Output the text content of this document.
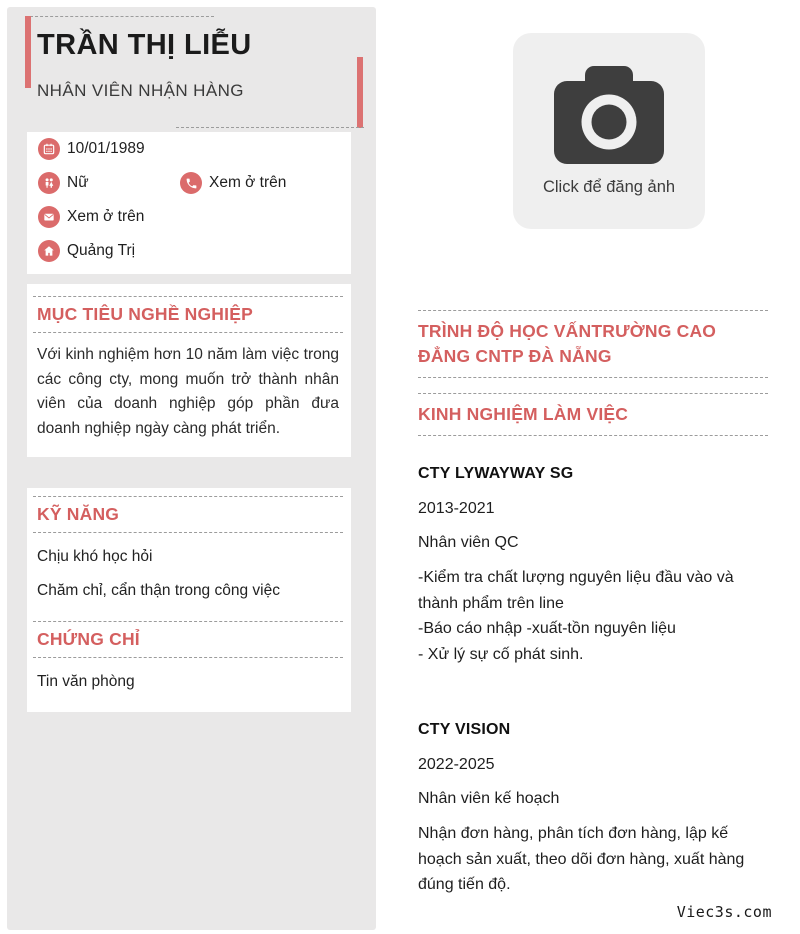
TRẦN THỊ LIỄU
NHÂN VIÊN NHẬN HÀNG
10/01/1989
Nữ	Xem ở trên
Xem ở trên
Quảng Trị
MỤC TIÊU NGHỀ NGHIỆP

Với kinh nghiệm hơn 10 năm làm việc trong các công cty, mong muốn trở thành nhân viên của doanh nghiệp góp phần đưa doanh nghiệp ngày càng phát triển.

KỸ NĂNG

Chịu khó học hỏi

Chăm chỉ, cẩn thận trong công việc

CHỨNG CHỈ

Tin văn phòng

Click để đăng ảnh
TRÌNH ĐỘ HỌC VẤNTRƯỜNG CAO ĐẲNG CNTP ĐÀ NẴNG
KINH NGHIỆM LÀM VIỆC
CTY LYWAYWAY SG
2013-2021
Nhân viên QC
-Kiểm tra chất lượng nguyên liệu đầu vào và thành phẩm trên line
-Báo cáo nhập -xuất-tồn nguyên liệu
- Xử lý sự cố phát sinh.
CTY VISION
2022-2025
Nhân viên kế hoạch
Nhận đơn hàng, phân tích đơn hàng, lập kế hoạch sản xuất, theo dõi đơn hàng, xuất hàng đúng tiến độ.
Viec3s.com
